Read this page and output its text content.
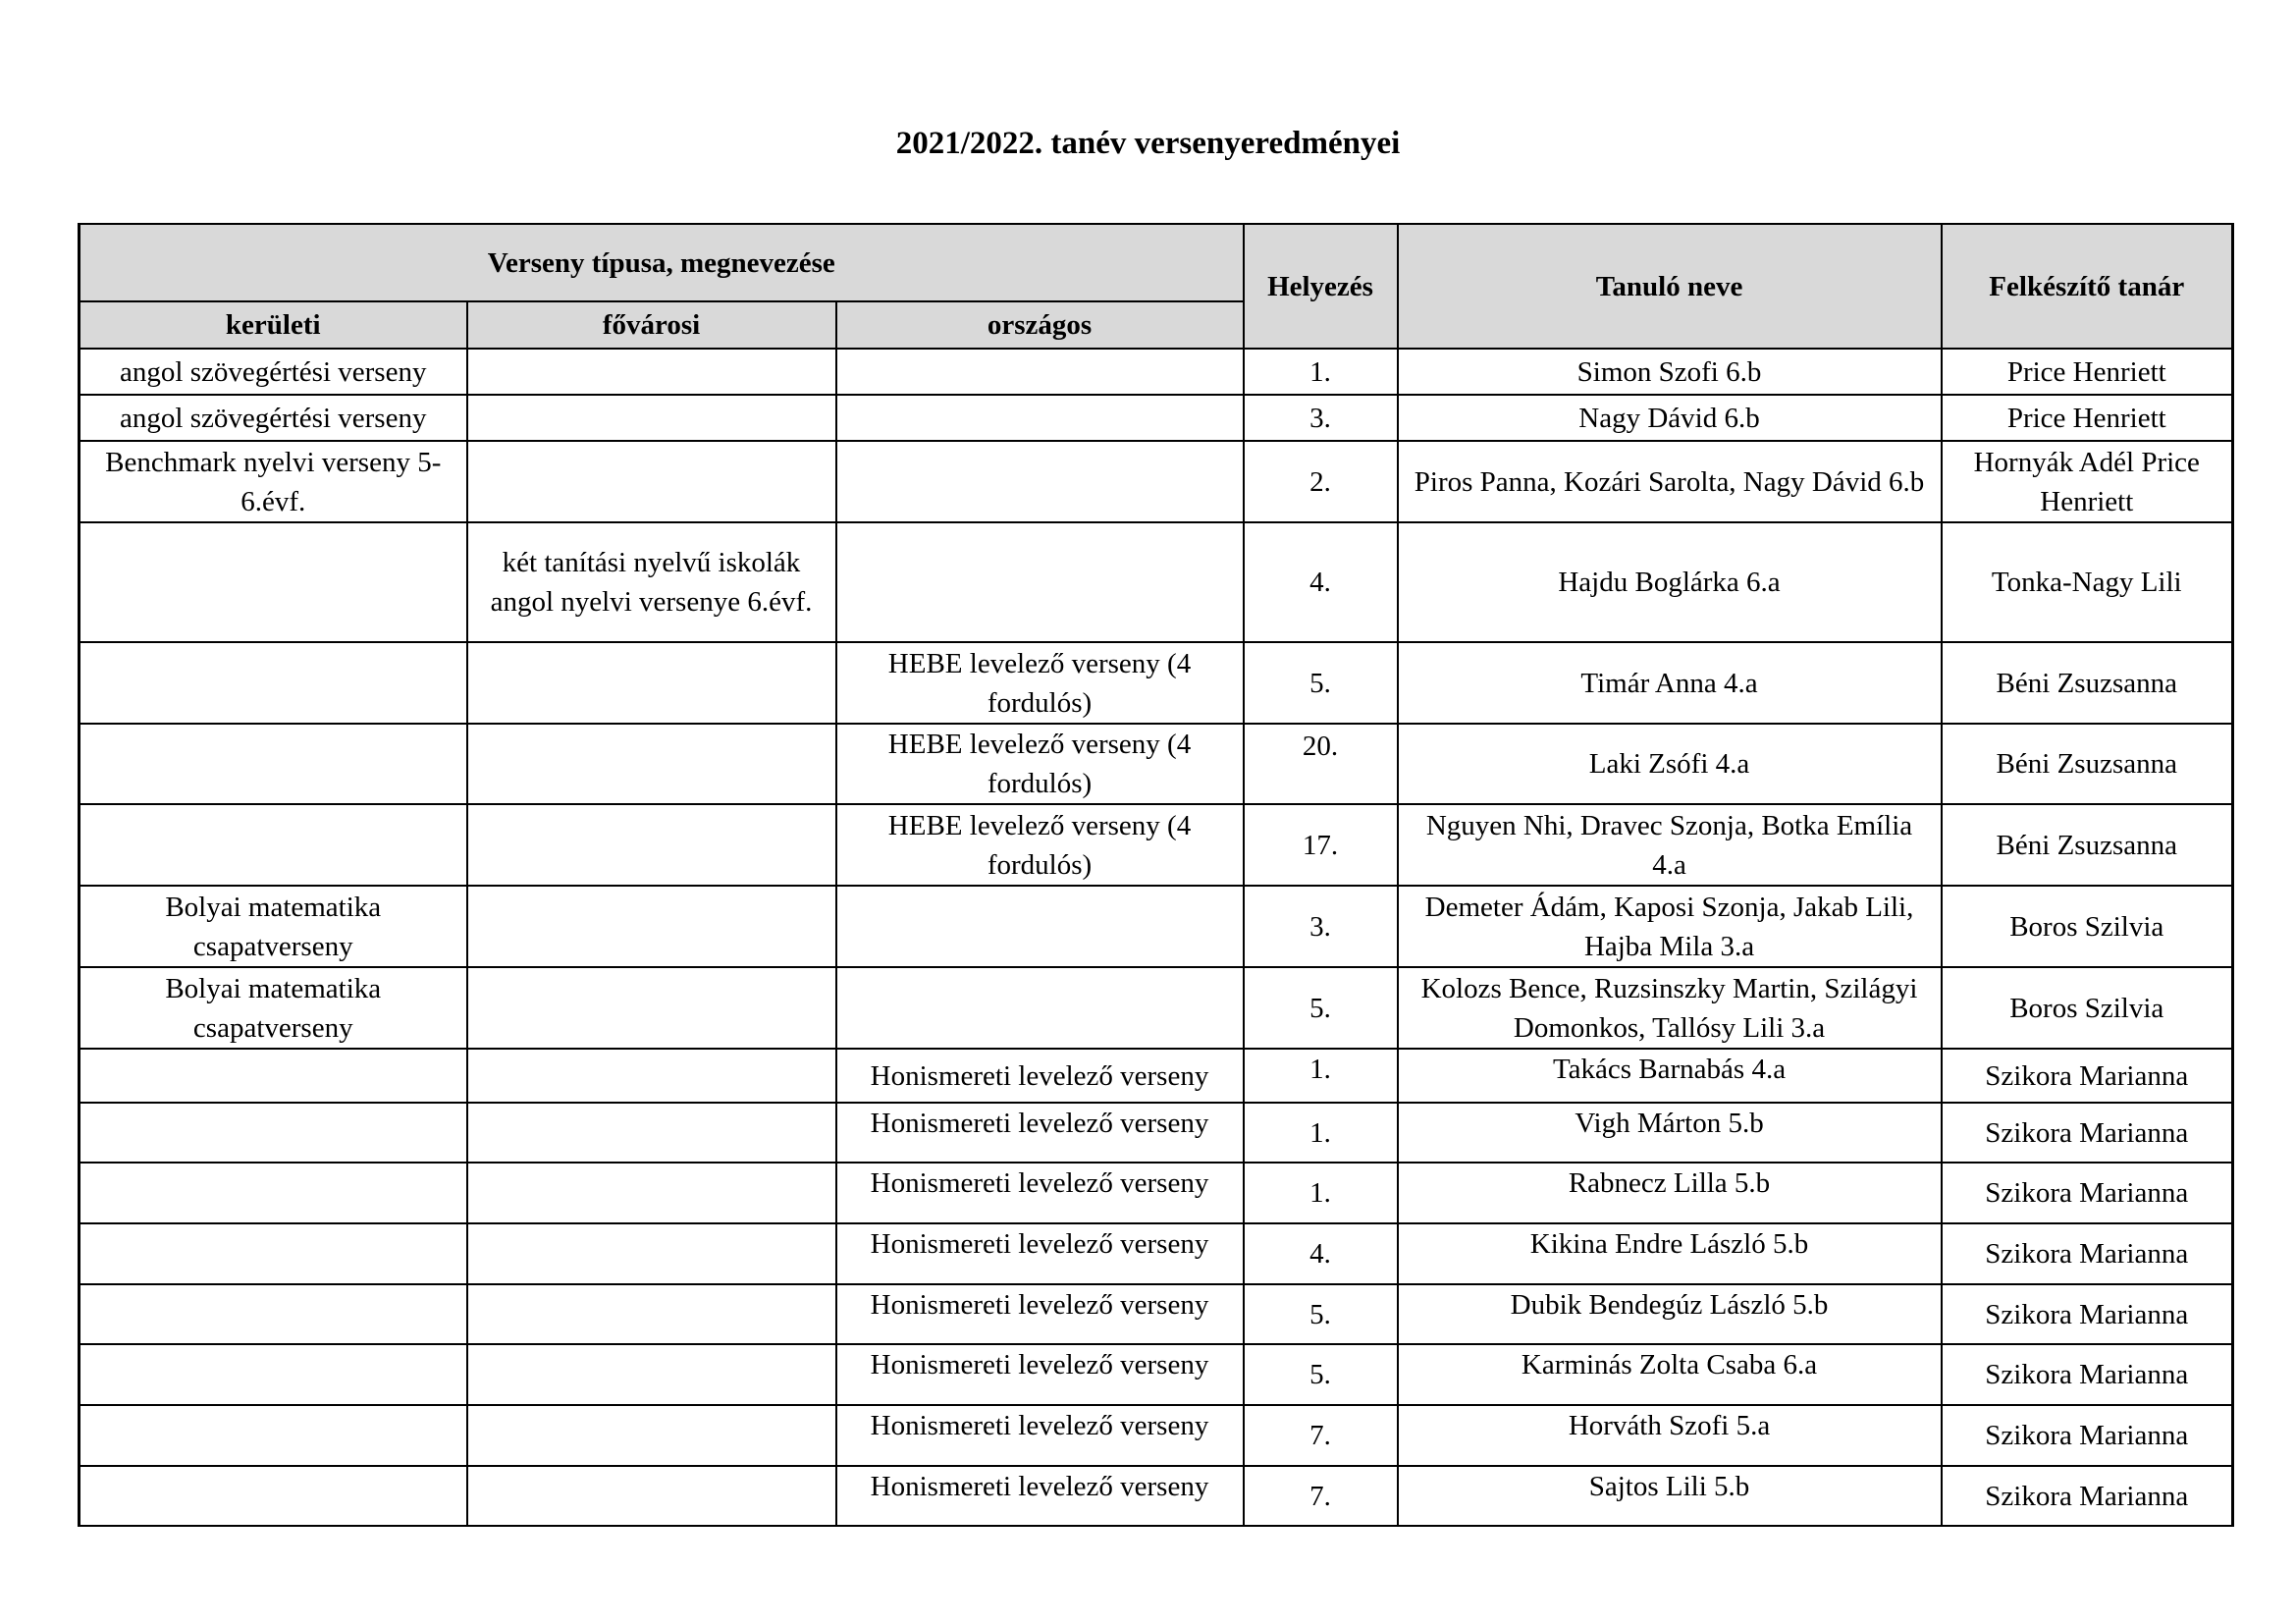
2021/2022. tanév versenyeredményei
Verseny típusa, megnevezése			Helyezés	Tanuló neve	Felkészítő tanár
kerületi	fővárosi	országos			
angol szövegértési verseny			1.	Simon Szofi 6.b	Price Henriett
angol szövegértési verseny			3.	Nagy Dávid 6.b	Price Henriett
Benchmark nyelvi verseny 5-6.évf.			2.	Piros Panna, Kozári Sarolta, Nagy Dávid 6.b	Hornyák Adél Price Henriett
	két tanítási nyelvű iskolák angol nyelvi versenye 6.évf.		4.	Hajdu Boglárka 6.a	Tonka-Nagy Lili
		HEBE levelező verseny (4 fordulós)	5.	Timár Anna 4.a	Béni Zsuzsanna
		HEBE levelező verseny (4 fordulós)	20.	Laki Zsófi 4.a	Béni Zsuzsanna
		HEBE levelező verseny (4 fordulós)	17.	Nguyen Nhi, Dravec Szonja, Botka Emília 4.a	Béni Zsuzsanna
Bolyai matematika csapatverseny			3.	Demeter Ádám, Kaposi Szonja, Jakab Lili, Hajba Mila 3.a	Boros Szilvia
Bolyai matematika csapatverseny			5.	Kolozs Bence, Ruzsinszky Martin, Szilágyi Domonkos, Tallósy Lili 3.a	Boros Szilvia
		Honismereti levelező verseny	1.	Takács Barnabás 4.a	Szikora Marianna
		Honismereti levelező verseny	1.	Vigh Márton 5.b	Szikora Marianna
		Honismereti levelező verseny	1.	Rabnecz Lilla 5.b	Szikora Marianna
		Honismereti levelező verseny	4.	Kikina Endre László 5.b	Szikora Marianna
		Honismereti levelező verseny	5.	Dubik Bendegúz László 5.b	Szikora Marianna
		Honismereti levelező verseny	5.	Karminás Zolta Csaba 6.a	Szikora Marianna
		Honismereti levelező verseny	7.	Horváth Szofi 5.a	Szikora Marianna
		Honismereti levelező verseny	7.	Sajtos Lili 5.b	Szikora Marianna
